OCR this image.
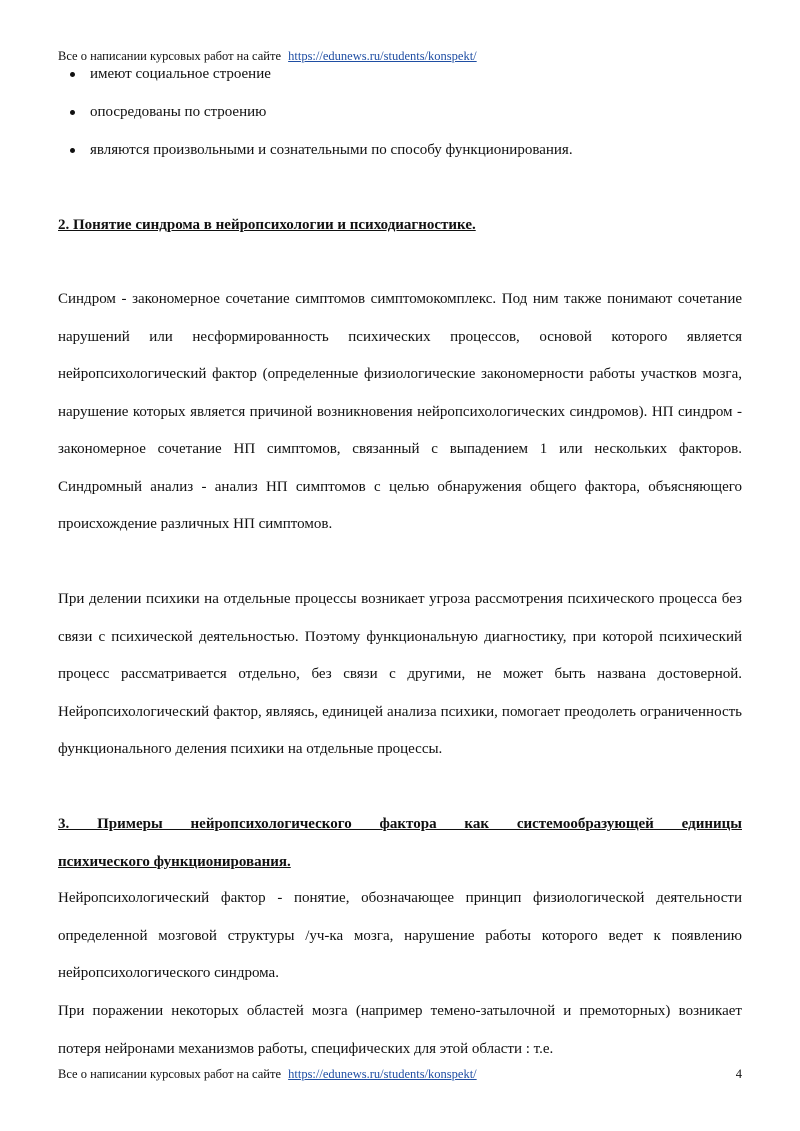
Все о написании курсовых работ на сайте https://edunews.ru/students/konspekt/
имеют социальное строение
опосредованы по строению
являются произвольными и сознательными по способу функционирования.

2. Понятие синдрома в нейропсихологии и психодиагностике.

Синдром - закономерное сочетание симптомов симптомокомплекс. Под ним также понимают сочетание нарушений или несформированность психических процессов, основой которого является нейропсихологический фактор (определенные физиологические закономерности работы участков мозга, нарушение которых является причиной возникновения нейропсихологических синдромов). НП синдром - закономерное сочетание НП симптомов, связанный с выпадением 1 или нескольких факторов. Синдромный анализ - анализ НП симптомов с целью обнаружения общего фактора, объясняющего происхождение различных НП симптомов.

При делении психики на отдельные процессы возникает угроза рассмотрения психического процесса без связи с психической деятельностью. Поэтому функциональную диагностику, при которой психический процесс рассматривается отдельно, без связи с другими, не может быть названа достоверной. Нейропсихологический фактор, являясь, единицей анализа психики, помогает преодолеть ограниченность функционального деления психики на отдельные процессы.

3. Примеры нейропсихологического фактора как системообразующей единицы
психического функционирования.

Нейропсихологический фактор - понятие, обозначающее принцип физиологической деятельности определенной мозговой структуры /уч-ка мозга, нарушение работы которого ведет к появлению нейропсихологического синдрома.

При поражении некоторых областей мозга (например темено-затылочной и премоторных) возникает потеря нейронами механизмов работы, специфических для этой области : т.е.

Все о написании курсовых работ на сайте https://edunews.ru/students/konspekt/	4
